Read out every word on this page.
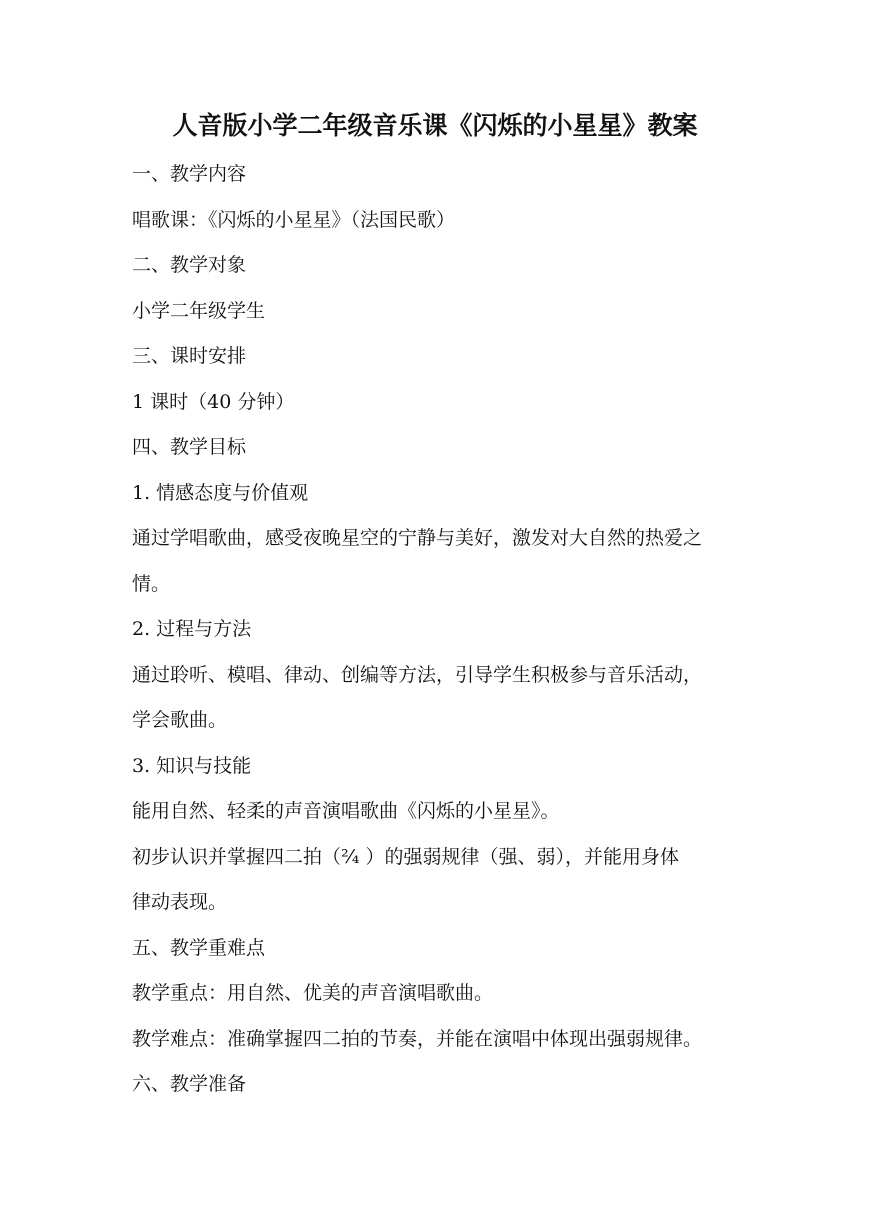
人音版小学二年级音乐课《闪烁的小星星》教案
一、教学内容
唱歌课：《闪烁的小星星》（法国民歌）
二、教学对象
小学二年级学生
三、课时安排
1 课时（40 分钟）
四、教学目标
1. 情感态度与价值观
通过学唱歌曲，感受夜晚星空的宁静与美好，激发对大自然的热爱之
情。
2. 过程与方法
通过聆听、模唱、律动、创编等方法，引导学生积极参与音乐活动，
学会歌曲。
3. 知识与技能
能用自然、轻柔的声音演唱歌曲《闪烁的小星星》。
初步认识并掌握四二拍（²⁄₄ ）的强弱规律（强、弱），并能用身体
律动表现。
五、教学重难点
教学重点：用自然、优美的声音演唱歌曲。
教学难点：准确掌握四二拍的节奏，并能在演唱中体现出强弱规律。
六、教学准备
